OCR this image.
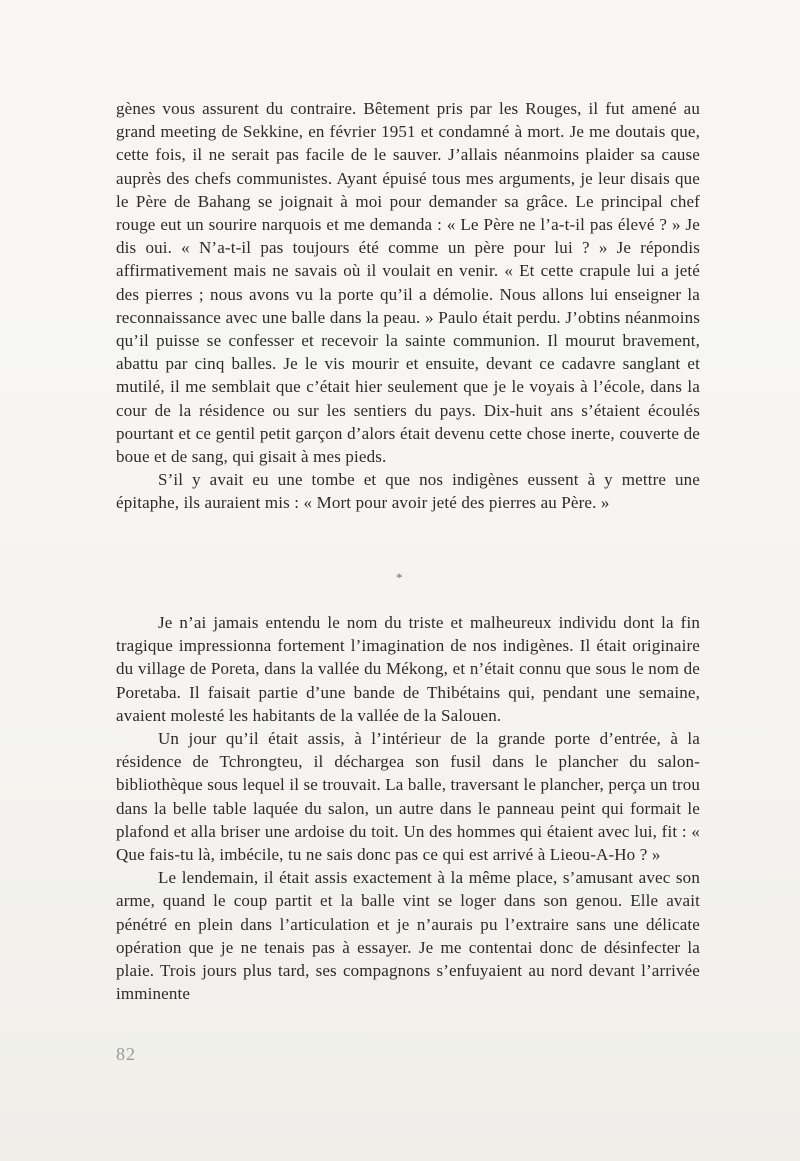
gènes vous assurent du contraire. Bêtement pris par les Rouges, il fut amené au grand meeting de Sekkine, en février 1951 et condamné à mort. Je me doutais que, cette fois, il ne serait pas facile de le sauver. J’allais néanmoins plaider sa cause auprès des chefs communistes. Ayant épuisé tous mes arguments, je leur disais que le Père de Bahang se joignait à moi pour demander sa grâce. Le principal chef rouge eut un sourire narquois et me demanda : « Le Père ne l’a-t-il pas élevé ? » Je dis oui. « N’a-t-il pas toujours été comme un père pour lui ? » Je répondis affirmativement mais ne savais où il voulait en venir. « Et cette crapule lui a jeté des pierres ; nous avons vu la porte qu’il a démolie. Nous allons lui enseigner la reconnaissance avec une balle dans la peau. » Paulo était perdu. J’obtins néanmoins qu’il puisse se confesser et recevoir la sainte communion. Il mourut bravement, abattu par cinq balles. Je le vis mourir et ensuite, devant ce cadavre sanglant et mutilé, il me semblait que c’était hier seulement que je le voyais à l’école, dans la cour de la résidence ou sur les sentiers du pays. Dix-huit ans s’étaient écoulés pourtant et ce gentil petit garçon d’alors était devenu cette chose inerte, couverte de boue et de sang, qui gisait à mes pieds.

S’il y avait eu une tombe et que nos indigènes eussent à y mettre une épitaphe, ils auraient mis : « Mort pour avoir jeté des pierres au Père. »

*

Je n’ai jamais entendu le nom du triste et malheureux individu dont la fin tragique impressionna fortement l’imagination de nos indigènes. Il était originaire du village de Poreta, dans la vallée du Mékong, et n’était connu que sous le nom de Poretaba. Il faisait partie d’une bande de Thibétains qui, pendant une semaine, avaient molesté les habitants de la vallée de la Salouen.

Un jour qu’il était assis, à l’intérieur de la grande porte d’entrée, à la résidence de Tchrongteu, il déchargea son fusil dans le plancher du salon-bibliothèque sous lequel il se trouvait. La balle, traversant le plancher, perça un trou dans la belle table laquée du salon, un autre dans le panneau peint qui formait le plafond et alla briser une ardoise du toit. Un des hommes qui étaient avec lui, fit : « Que fais-tu là, imbécile, tu ne sais donc pas ce qui est arrivé à Lieou-A-Ho ? »

Le lendemain, il était assis exactement à la même place, s’amusant avec son arme, quand le coup partit et la balle vint se loger dans son genou. Elle avait pénétré en plein dans l’articulation et je n’aurais pu l’extraire sans une délicate opération que je ne tenais pas à essayer. Je me contentai donc de désinfecter la plaie. Trois jours plus tard, ses compagnons s’enfuyaient au nord devant l’arrivée imminente

82
